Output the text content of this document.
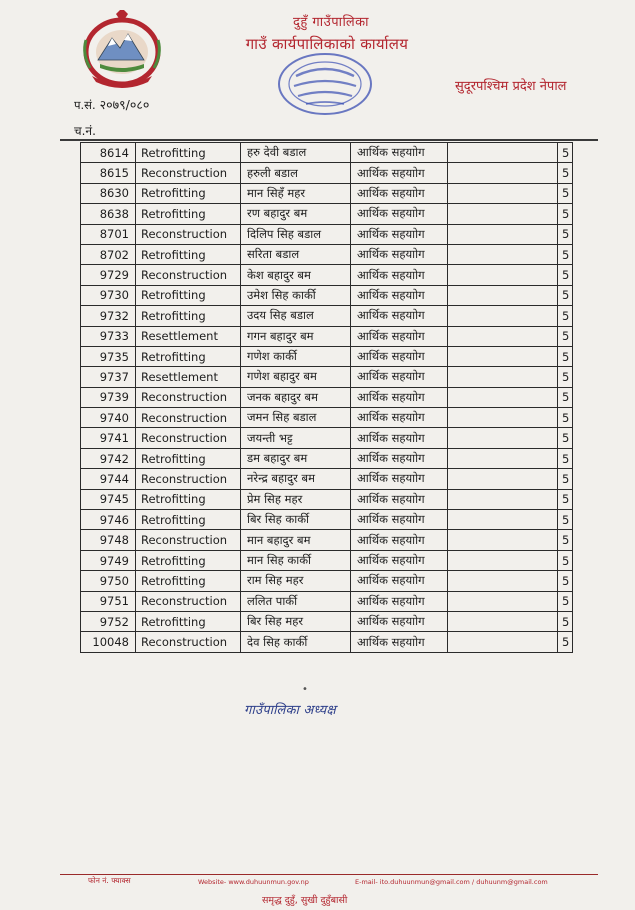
दुहुँ गाउँपालिका
गाउँ कार्यपालिकाको कार्यालय
सुदूरपश्चिम प्रदेश नेपाल
प.सं. २०७९/०८०
च.नं.
8614	Retrofitting	हरु देवी बडाल	आर्थिक सहयाोग		5
8615	Reconstruction	हरुली बडाल	आर्थिक सहयाोग		5
8630	Retrofitting	मान सिहँ महर	आर्थिक सहयाोग		5
8638	Retrofitting	रण बहादुर बम	आर्थिक सहयाोग		5
8701	Reconstruction	दिलिप सिह बडाल	आर्थिक सहयाोग		5
8702	Retrofitting	सरिता बडाल	आर्थिक सहयाोग		5
9729	Reconstruction	केश बहादुर बम	आर्थिक सहयाोग		5
9730	Retrofitting	उमेश सिह कार्की	आर्थिक सहयाोग		5
9732	Retrofitting	उदय सिह बडाल	आर्थिक सहयाोग		5
9733	Resettlement	गगन बहादुर बम	आर्थिक सहयाोग		5
9735	Retrofitting	गणेश कार्की	आर्थिक सहयाोग		5
9737	Resettlement	गणेश बहादुर बम	आर्थिक सहयाोग		5
9739	Reconstruction	जनक बहादुर बम	आर्थिक सहयाोग		5
9740	Reconstruction	जमन सिह बडाल	आर्थिक सहयाोग		5
9741	Reconstruction	जयन्ती भट्ट	आर्थिक सहयाोग		5
9742	Retrofitting	डम बहादुर बम	आर्थिक सहयाोग		5
9744	Reconstruction	नरेन्द्र बहादुर बम	आर्थिक सहयाोग		5
9745	Retrofitting	प्रेम सिह महर	आर्थिक सहयाोग		5
9746	Retrofitting	बिर सिह कार्की	आर्थिक सहयाोग		5
9748	Reconstruction	मान बहादुर बम	आर्थिक सहयाोग		5
9749	Retrofitting	मान सिह कार्की	आर्थिक सहयाोग		5
9750	Retrofitting	राम सिह महर	आर्थिक सहयाोग		5
9751	Reconstruction	ललित पार्की	आर्थिक सहयाोग		5
9752	Retrofitting	बिर सिह महर	आर्थिक सहयाोग		5
10048	Reconstruction	देव सिह कार्की	आर्थिक सहयाोग		5
•
गाउँपालिका अध्यक्ष
फोन नं. फ्याक्स	Website- www.duhuunmun.gov.np	E-mail- ito.duhuunmun@gmail.com / duhuunm@gmail.com
समृद्ध दुहुँ, सुखी दुहुँबासी
